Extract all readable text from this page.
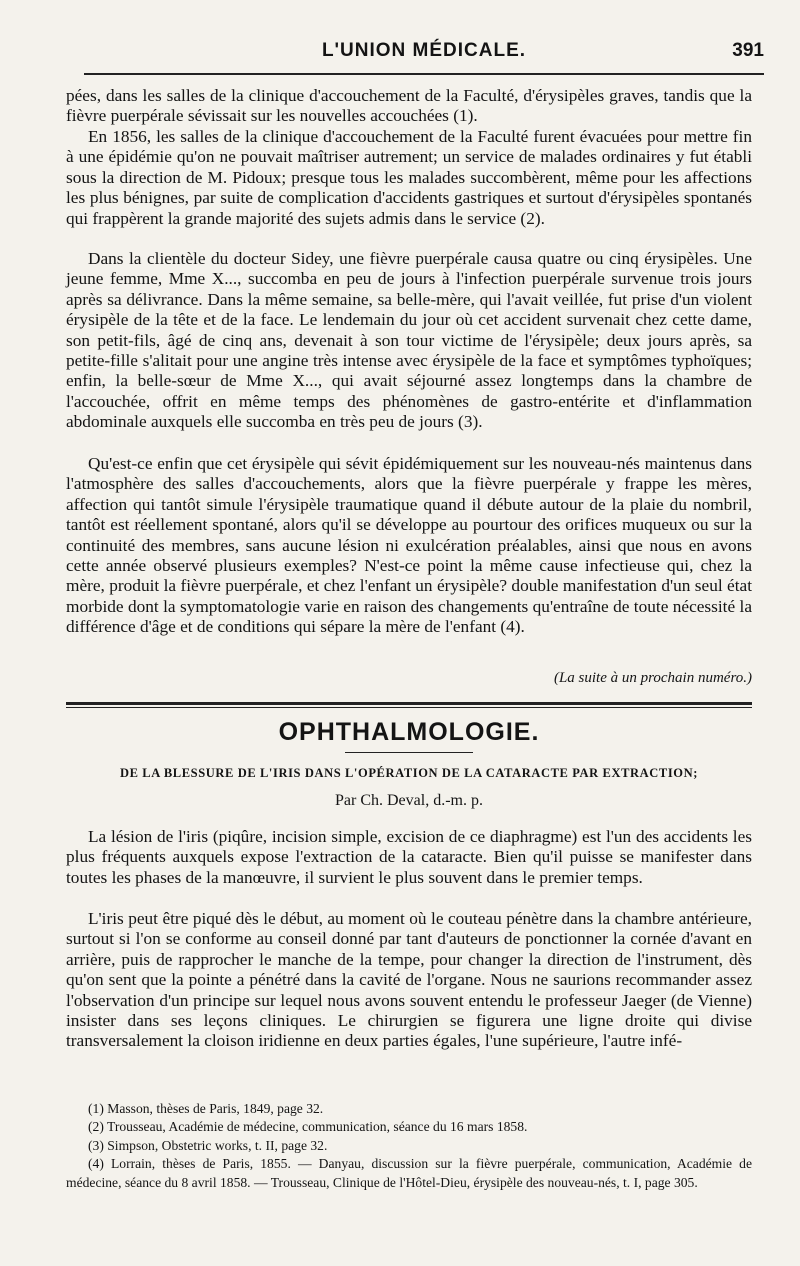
L'UNION MÉDICALE.	391

pées, dans les salles de la clinique d'accouchement de la Faculté, d'érysipèles graves, tandis que la fièvre puerpérale sévissait sur les nouvelles accouchées (1).

En 1856, les salles de la clinique d'accouchement de la Faculté furent évacuées pour mettre fin à une épidémie qu'on ne pouvait maîtriser autrement; un service de malades ordinaires y fut établi sous la direction de M. Pidoux; presque tous les malades succombèrent, même pour les affections les plus bénignes, par suite de complication d'accidents gastriques et surtout d'érysipèles spontanés qui frappèrent la grande majorité des sujets admis dans le service (2).

Dans la clientèle du docteur Sidey, une fièvre puerpérale causa quatre ou cinq érysipèles. Une jeune femme, Mme X..., succomba en peu de jours à l'infection puerpérale survenue trois jours après sa délivrance. Dans la même semaine, sa belle-mère, qui l'avait veillée, fut prise d'un violent érysipèle de la tête et de la face. Le lendemain du jour où cet accident survenait chez cette dame, son petit-fils, âgé de cinq ans, devenait à son tour victime de l'érysipèle; deux jours après, sa petite-fille s'alitait pour une angine très intense avec érysipèle de la face et symptômes typhoïques; enfin, la belle-sœur de Mme X..., qui avait séjourné assez longtemps dans la chambre de l'accouchée, offrit en même temps des phénomènes de gastro-entérite et d'inflammation abdominale auxquels elle succomba en très peu de jours (3).

Qu'est-ce enfin que cet érysipèle qui sévit épidémiquement sur les nouveau-nés maintenus dans l'atmosphère des salles d'accouchements, alors que la fièvre puerpérale y frappe les mères, affection qui tantôt simule l'érysipèle traumatique quand il débute autour de la plaie du nombril, tantôt est réellement spontané, alors qu'il se développe au pourtour des orifices muqueux ou sur la continuité des membres, sans aucune lésion ni exulcération préalables, ainsi que nous en avons cette année observé plusieurs exemples? N'est-ce point la même cause infectieuse qui, chez la mère, produit la fièvre puerpérale, et chez l'enfant un érysipèle? double manifestation d'un seul état morbide dont la symptomatologie varie en raison des changements qu'entraîne de toute nécessité la différence d'âge et de conditions qui sépare la mère de l'enfant (4).

(La suite à un prochain numéro.)
OPHTHALMOLOGIE.
DE LA BLESSURE DE L'IRIS DANS L'OPÉRATION DE LA CATARACTE PAR EXTRACTION;
Par Ch. Deval, d.-m. p.

La lésion de l'iris (piqûre, incision simple, excision de ce diaphragme) est l'un des accidents les plus fréquents auxquels expose l'extraction de la cataracte. Bien qu'il puisse se manifester dans toutes les phases de la manœuvre, il survient le plus souvent dans le premier temps.

L'iris peut être piqué dès le début, au moment où le couteau pénètre dans la chambre antérieure, surtout si l'on se conforme au conseil donné par tant d'auteurs de ponctionner la cornée d'avant en arrière, puis de rapprocher le manche de la tempe, pour changer la direction de l'instrument, dès qu'on sent que la pointe a pénétré dans la cavité de l'organe. Nous ne saurions recommander assez l'observation d'un principe sur lequel nous avons souvent entendu le professeur Jaeger (de Vienne) insister dans ses leçons cliniques. Le chirurgien se figurera une ligne droite qui divise transversalement la cloison iridienne en deux parties égales, l'une supérieure, l'autre infé-

(1) Masson, thèses de Paris, 1849, page 32.

(2) Trousseau, Académie de médecine, communication, séance du 16 mars 1858.

(3) Simpson, Obstetric works, t. II, page 32.

(4) Lorrain, thèses de Paris, 1855. — Danyau, discussion sur la fièvre puerpérale, communication, Académie de médecine, séance du 8 avril 1858. — Trousseau, Clinique de l'Hôtel-Dieu, érysipèle des nouveau-nés, t. I, page 305.
